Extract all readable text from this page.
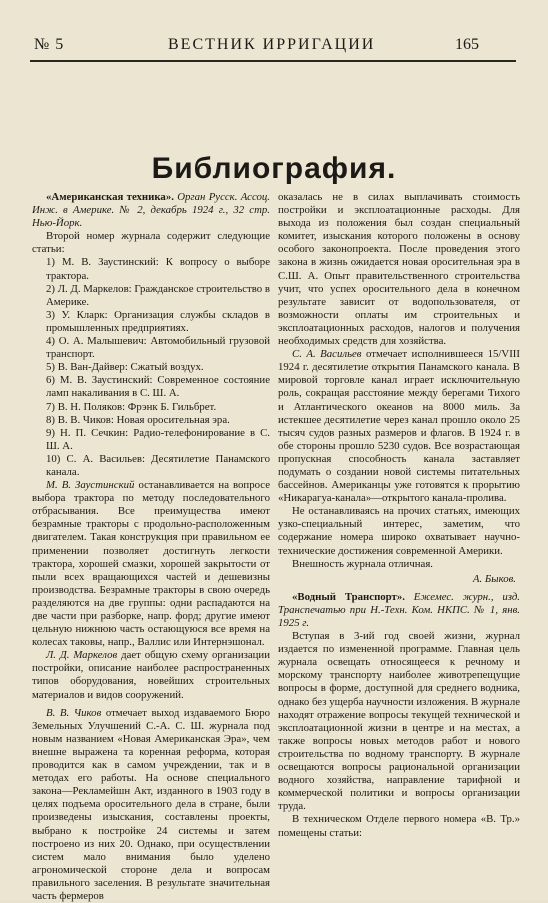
№ 5	ВЕСТНИК ИРРИГАЦИИ	165
Библиография.

«Американская техника». Орган Русск. Ассоц. Инж. в Америке. № 2, декабрь 1924 г., 32 стр. Нью-Йорк.

Второй номер журнала содержит следующие статьи:

1) М. В. Заустинский: К вопросу о выборе трактора.
2) Л. Д. Маркелов: Гражданское строительство в Америке.
3) У. Кларк: Организация службы складов в промышленных предприятиях.
4) О. А. Малышевич: Автомобильный грузовой транспорт.
5) В. Ван-Дайвер: Сжатый воздух.
6) М. В. Заустинский: Современное состояние ламп накаливания в С. Ш. А.
7) В. Н. Поляков: Фрэнк Б. Гильбрет.
8) В. В. Чиков: Новая оросительная эра.
9) Н. П. Сечкин: Радио-телефонирование в С. Ш. А.
10) С. А. Васильев: Десятилетие Панамского канала.

М. В. Заустинский останавливается на вопросе выбора трактора по методу последовательного отбрасывания. Все преимущества имеют безрамные тракторы с продольно-расположенным двигателем. Такая конструкция при правильном ее применении позволяет достигнуть легкости трактора, хорошей смазки, хорошей закрытости от пыли всех вращающихся частей и дешевизны производства. Безрамные тракторы в свою очередь разделяются на две группы: одни распадаются на две части при разборке, напр. форд; другие имеют цельную нижнюю часть остающуюся все время на колесах таковы, напр., Валлис или Интернэшонал.

Л. Д. Маркелов дает общую схему организации постройки, описание наиболее распространенных типов оборудования, новейших строительных материалов и видов сооружений.

В. В. Чиков отмечает выход издаваемого Бюро Земельных Улучшений С.-А. С. Ш. журнала под новым названием «Новая Американская Эра», чем внешне выражена та коренная реформа, которая проводится как в самом учреждении, так и в методах его работы. На основе специального закона—Рекламейшн Акт, изданного в 1903 году в целях подъема оросительного дела в стране, были произведены изыскания, составлены проекты, выбрано к постройке 24 системы и затем построено из них 20. Однако, при осуществлении систем мало внимания было уделено агрономической стороне дела и вопросам правильного заселения. В результате значительная часть фермеров

оказалась не в силах выплачивать стоимость постройки и эксплоатационные расходы. Для выхода из положения был создан специальный комитет, изыскания которого положены в основу особого законопроекта. После проведения этого закона в жизнь ожидается новая оросительная эра в С.Ш. А. Опыт правительственного строительства учит, что успех оросительного дела в конечном результате зависит от водопользователя, от возможности оплаты им строительных и эксплоатационных расходов, налогов и получения необходимых средств для хозяйства.

С. А. Васильев отмечает исполнившееся 15/VIII 1924 г. десятилетие открытия Панамского канала. В мировой торговле канал играет исключительную роль, сокращая расстояние между берегами Тихого и Атлантического океанов на 8000 миль. За истекшее десятилетие через канал прошло около 25 тысяч судов разных размеров и флагов. В 1924 г. в обе стороны прошло 5230 судов. Все возрастающая пропускная способность канала заставляет подумать о создании новой системы питательных бассейнов. Американцы уже готовятся к прорытию «Никарагуа-канала»—открытого канала-пролива.

Не останавливаясь на прочих статьях, имеющих узко-специальный интерес, заметим, что содержание номера широко охватывает научно-технические достижения современной Америки.

Внешность журнала отличная.

А. Быков.

«Водный Транспорт». Ежемес. журн., изд. Транспечатью при Н.-Техн. Ком. НКПС. № 1, янв. 1925 г.

Вступая в 3-ий год своей жизни, журнал издается по измененной программе. Главная цель журнала освещать относящееся к речному и морскому транспорту наиболее животрепещущие вопросы в форме, доступной для среднего водника, однако без ущерба научности изложения. В журнале находят отражение вопросы текущей технической и эксплоатационной жизни в центре и на местах, а также вопросы новых методов работ и нового строительства по водному транспорту. В журнале освещаются вопросы рациональной организации водного хозяйства, направление тарифной и коммерческой политики и вопросы организации труда.

В техническом Отделе первого номера «В. Тр.» помещены статьи:
